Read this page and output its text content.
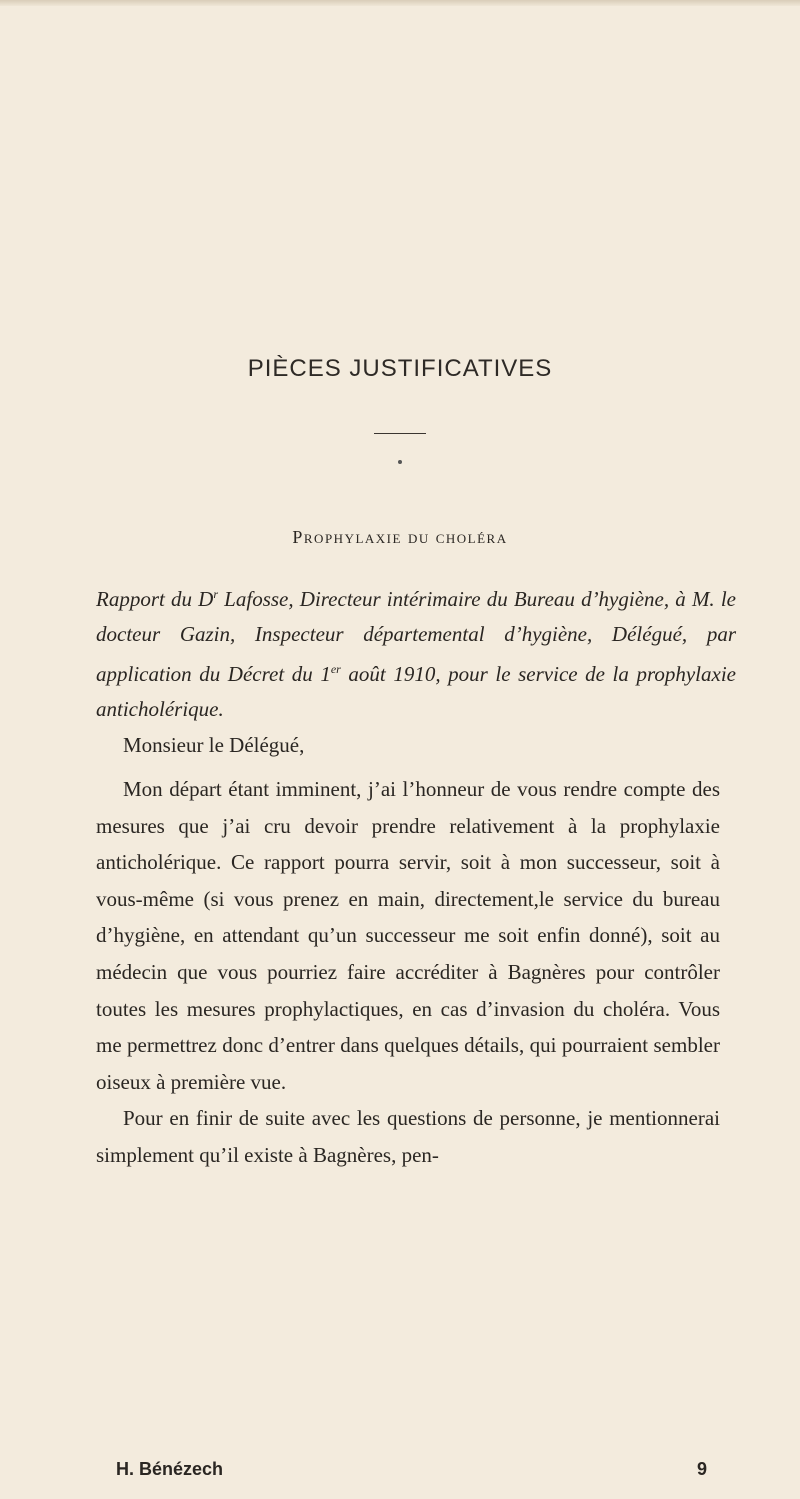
PIÈCES JUSTIFICATIVES
Prophylaxie du choléra
Rapport du $D^r$ Lafosse, Directeur intérimaire du Bureau d’hygiène, à M. le docteur Gazin, Inspecteur départemental d’hygiène, Délégué, par application du Décret du 1er août 1910, pour le service de la prophylaxie anticholérique.
Monsieur le Délégué,

Mon départ étant imminent, j’ai l’honneur de vous rendre compte des mesures que j’ai cru devoir prendre relativement à la prophylaxie anticholérique. Ce rapport pourra servir, soit à mon successeur, soit à vous-même (si vous prenez en main, directement,le service du bureau d’hygiène, en attendant qu’un successeur me soit enfin donné), soit au médecin que vous pourriez faire accréditer à Bagnères pour contrôler toutes les mesures prophylactiques, en cas d’invasion du choléra. Vous me permettrez donc d’entrer dans quelques détails, qui pourraient sembler oiseux à première vue.

Pour en finir de suite avec les questions de personne, je mentionnerai simplement qu’il existe à Bagnères, pen-

H. Bénézech	9
